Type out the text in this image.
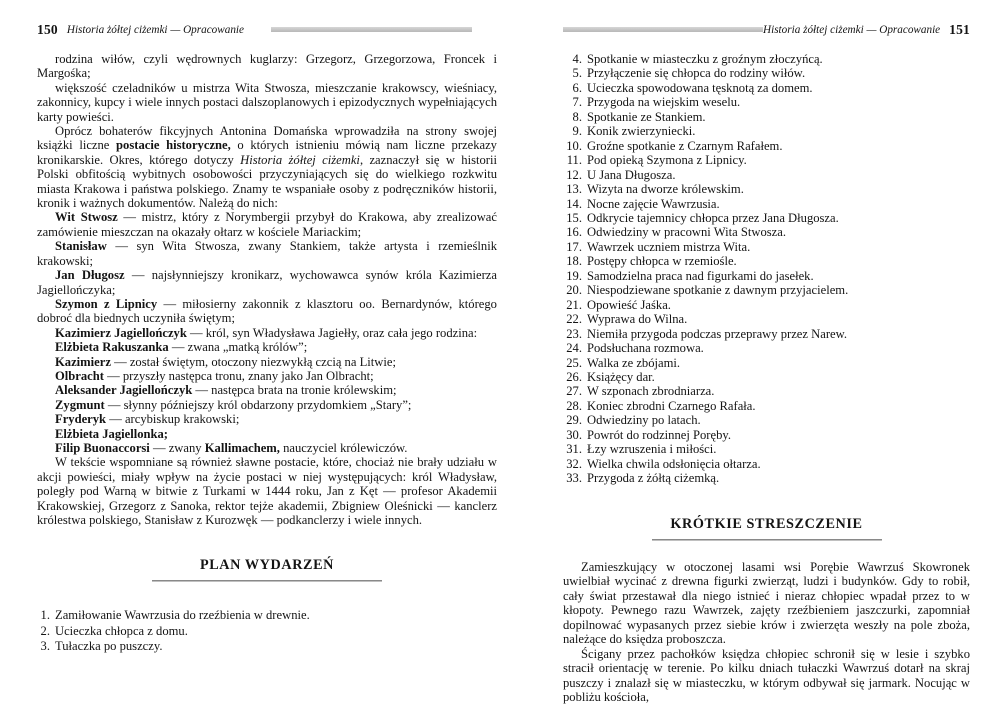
150 Historia żółtej ciżemki — Opracowanie

rodzina wiłów, czyli wędrownych kuglarzy: Grzegorz, Grzegorzowa, Froncek i Margośka;

większość czeladników u mistrza Wita Stwosza, mieszczanie krakowscy, wieśniacy, zakonnicy, kupcy i wiele innych postaci dalszoplanowych i epizodycznych wypełniających karty powieści.

Oprócz bohaterów fikcyjnych Antonina Domańska wprowadziła na strony swojej książki liczne postacie historyczne, o których istnieniu mówią nam liczne przekazy kronikarskie. Okres, którego dotyczy Historia żółtej ciżemki, zaznaczył się w historii Polski obfitością wybitnych osobowości przyczyniających się do wielkiego rozkwitu miasta Krakowa i państwa polskiego. Znamy te wspaniałe osoby z podręczników historii, kronik i ważnych dokumentów. Należą do nich:

Wit Stwosz — mistrz, który z Norymbergii przybył do Krakowa, aby zrealizować zamówienie mieszczan na okazały ołtarz w kościele Mariackim;

Stanisław — syn Wita Stwosza, zwany Stankiem, także artysta i rzemieślnik krakowski;

Jan Długosz — najsłynniejszy kronikarz, wychowawca synów króla Kazimierza Jagiellończyka;

Szymon z Lipnicy — miłosierny zakonnik z klasztoru oo. Bernardynów, którego dobroć dla biednych uczyniła świętym;

Kazimierz Jagiellończyk — król, syn Władysława Jagiełły, oraz cała jego rodzina:

Elżbieta Rakuszanka — zwana „matką królów”;

Kazimierz — został świętym, otoczony niezwykłą czcią na Litwie;

Olbracht — przyszły następca tronu, znany jako Jan Olbracht;

Aleksander Jagiellończyk — następca brata na tronie królewskim;

Zygmunt — słynny późniejszy król obdarzony przydomkiem „Stary”;

Fryderyk — arcybiskup krakowski;

Elżbieta Jagiellonka;

Filip Buonaccorsi — zwany Kallimachem, nauczyciel królewiczów.

W tekście wspomniane są również sławne postacie, które, chociaż nie brały udziału w akcji powieści, miały wpływ na życie postaci w niej występujących: król Władysław, poległy pod Warną w bitwie z Turkami w 1444 roku, Jan z Kęt — profesor Akademii Krakowskiej, Grzegorz z Sanoka, rektor tejże akademii, Zbigniew Oleśnicki — kanclerz królestwa polskiego, Stanisław z Kurozwęk — podkanclerzy i wiele innych.

PLAN WYDARZEŃ
1. Zamiłowanie Wawrzusia do rzeźbienia w drewnie.
2. Ucieczka chłopca z domu.
3. Tułaczka po puszczy.
Historia żółtej ciżemki — Opracowanie 151
4. Spotkanie w miasteczku z groźnym złoczyńcą.
5. Przyłączenie się chłopca do rodziny wiłów.
6. Ucieczka spowodowana tęsknotą za domem.
7. Przygoda na wiejskim weselu.
8. Spotkanie ze Stankiem.
9. Konik zwierzyniecki.
10. Groźne spotkanie z Czarnym Rafałem.
11. Pod opieką Szymona z Lipnicy.
12. U Jana Długosza.
13. Wizyta na dworze królewskim.
14. Nocne zajęcie Wawrzusia.
15. Odkrycie tajemnicy chłopca przez Jana Długosza.
16. Odwiedziny w pracowni Wita Stwosza.
17. Wawrzek uczniem mistrza Wita.
18. Postępy chłopca w rzemiośle.
19. Samodzielna praca nad figurkami do jasełek.
20. Niespodziewane spotkanie z dawnym przyjacielem.
21. Opowieść Jaśka.
22. Wyprawa do Wilna.
23. Niemiła przygoda podczas przeprawy przez Narew.
24. Podsłuchana rozmowa.
25. Walka ze zbójami.
26. Książęcy dar.
27. W szponach zbrodniarza.
28. Koniec zbrodni Czarnego Rafała.
29. Odwiedziny po latach.
30. Powrót do rodzinnej Poręby.
31. Łzy wzruszenia i miłości.
32. Wielka chwila odsłonięcia ołtarza.
33. Przygoda z żółtą ciżemką.
KRÓTKIE STRESZCZENIE

Zamieszkujący w otoczonej lasami wsi Porębie Wawrzuś Skowronek uwielbiał wycinać z drewna figurki zwierząt, ludzi i budynków. Gdy to robił, cały świat przestawał dla niego istnieć i nieraz chłopiec wpadał przez to w kłopoty. Pewnego razu Wawrzek, zajęty rzeźbieniem jaszczurki, zapomniał dopilnować wypasanych przez siebie krów i zwierzęta weszły na pole zboża, należące do księdza proboszcza.

Ścigany przez pachołków księdza chłopiec schronił się w lesie i szybko stracił orientację w terenie. Po kilku dniach tułaczki Wawrzuś dotarł na skraj puszczy i znalazł się w miasteczku, w którym odbywał się jarmark. Nocując w pobliżu kościoła,
